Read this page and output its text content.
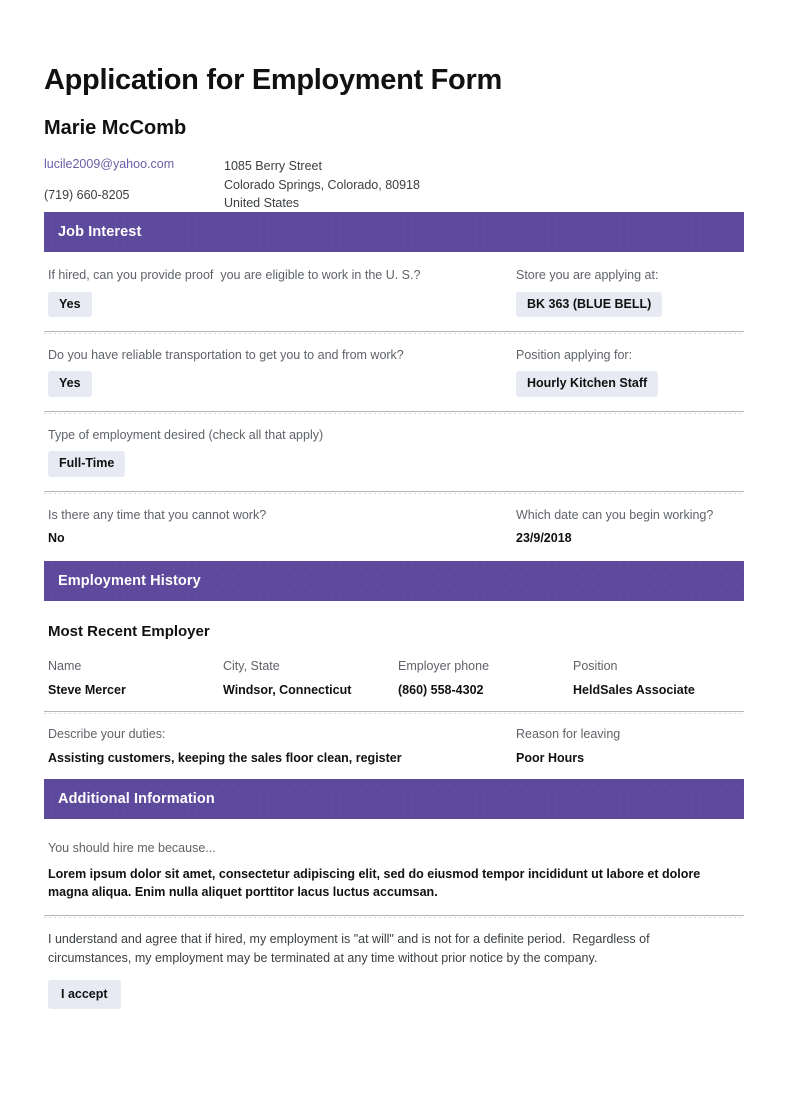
Application for Employment Form
Marie McComb
lucile2009@yahoo.com
(719) 660-8205
1085 Berry Street
Colorado Springs, Colorado, 80918
United States
Job Interest
If hired, can you provide proof  you are eligible to work in the U. S.?
Yes
Store you are applying at:
BK 363 (BLUE BELL)
Do you have reliable transportation to get you to and from work?
Yes
Position applying for:
Hourly Kitchen Staff
Type of employment desired (check all that apply)
Full-Time
Is there any time that you cannot work?
No
Which date can you begin working?
23/9/2018
Employment History
Most Recent Employer
Name
Steve Mercer
City, State
Windsor, Connecticut
Employer phone
(860) 558-4302
Position
HeldSales Associate
Describe your duties:
Assisting customers, keeping the sales floor clean, register
Reason for leaving
Poor Hours
Additional Information
You should hire me because...
Lorem ipsum dolor sit amet, consectetur adipiscing elit, sed do eiusmod tempor incididunt ut labore et dolore magna aliqua. Enim nulla aliquet porttitor lacus luctus accumsan.
I understand and agree that if hired, my employment is "at will" and is not for a definite period.  Regardless of circumstances, my employment may be terminated at any time without prior notice by the company.
I accept
